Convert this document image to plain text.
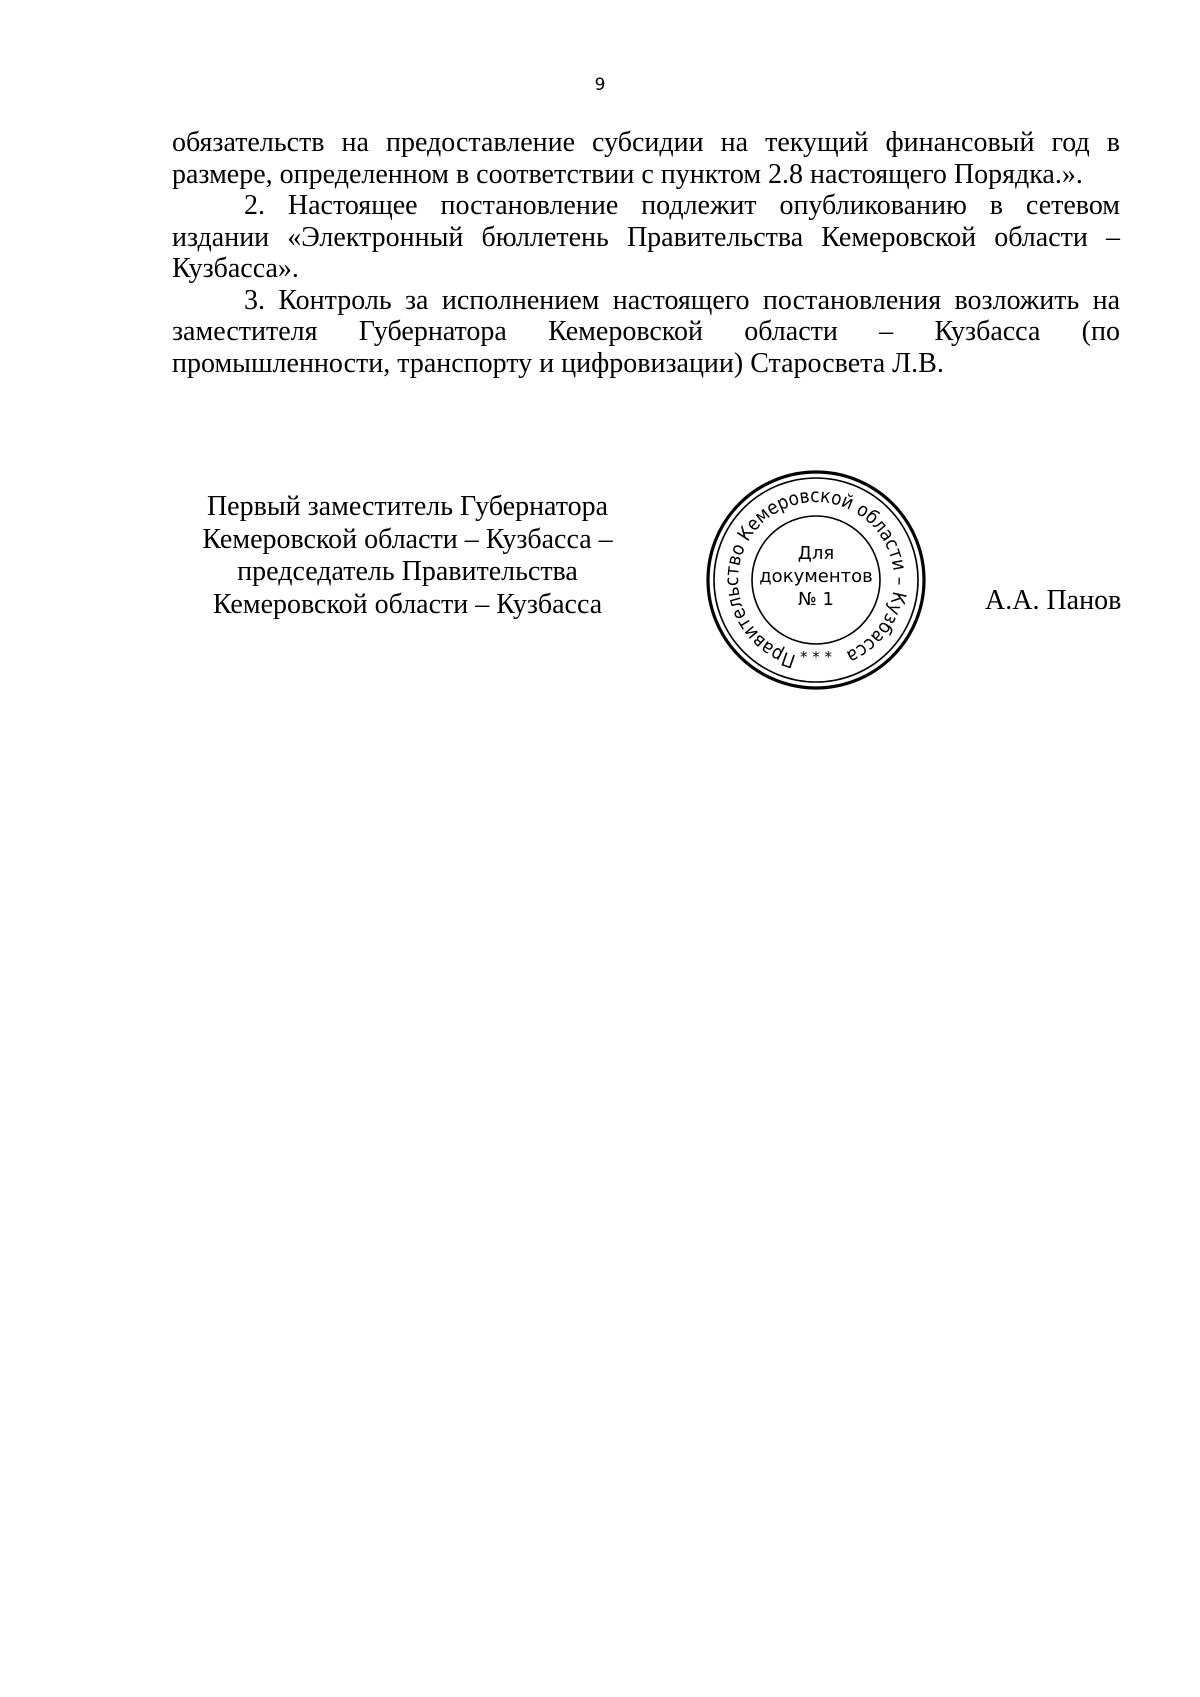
9

обязательств на предоставление субсидии на текущий финансовый год в размере, определенном в соответствии с пунктом 2.8 настоящего Порядка.».

2. Настоящее постановление подлежит опубликованию в сетевом издании «Электронный бюллетень Правительства Кемеровской области – Кузбасса».

3. Контроль за исполнением настоящего постановления возложить на заместителя Губернатора Кемеровской области – Кузбасса (по промышленности, транспорту и цифровизации) Старосвета Л.В.

Первый заместитель Губернатора
Кемеровской области – Кузбасса –
председатель Правительства
Кемеровской области – Кузбасса
Правительство Кемеровской области – Кузбасса
* * *
Для
документов
№ 1	А.А. Панов
